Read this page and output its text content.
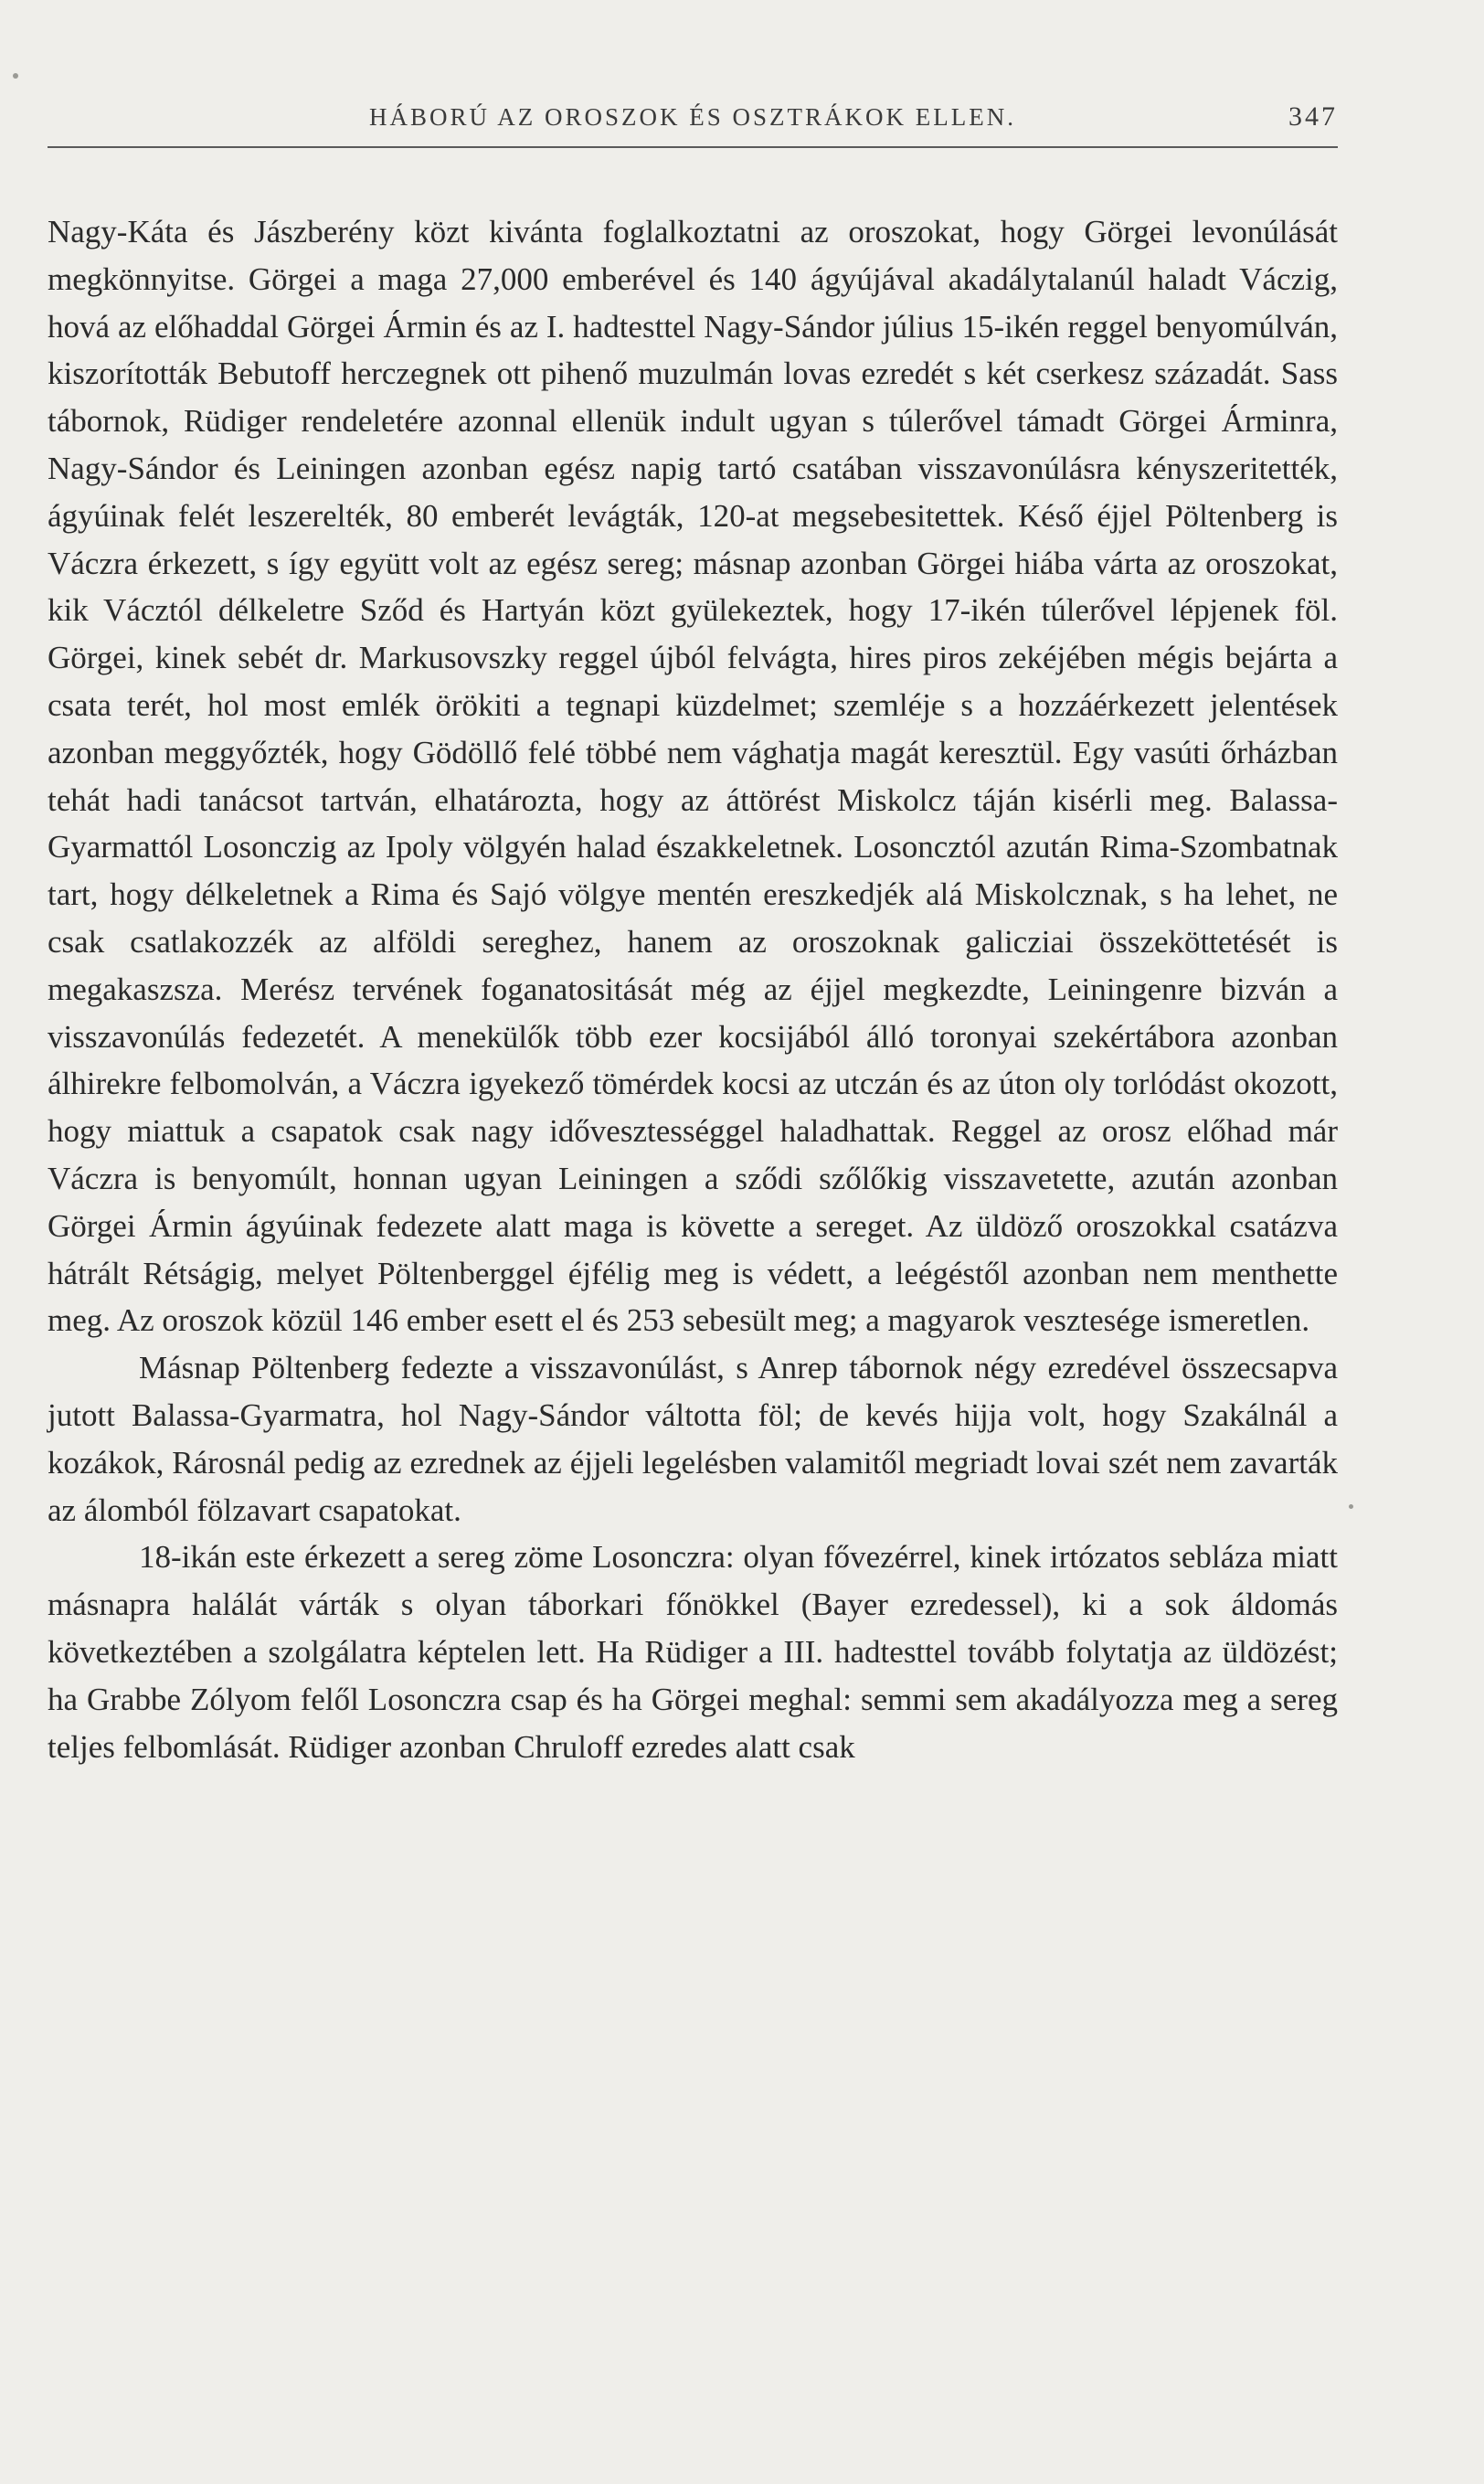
HÁBORÚ AZ OROSZOK ÉS OSZTRÁKOK ELLEN.	347

Nagy-Káta és Jászberény közt kivánta foglalkoztatni az oroszokat, hogy Görgei levonúlását megkönnyitse. Görgei a maga 27,000 emberével és 140 ágyújával akadálytalanúl haladt Váczig, hová az előhaddal Görgei Ármin és az I. hadtesttel Nagy-Sándor július 15-ikén reggel benyomúlván, kiszorították Bebutoff herczegnek ott pihenő muzulmán lovas ezredét s két cserkesz századát. Sass tábornok, Rüdiger rendeletére azonnal ellenük indult ugyan s túlerővel támadt Görgei Árminra, Nagy-Sándor és Leiningen azonban egész napig tartó csatában visszavonúlásra kényszeritették, ágyúinak felét leszerelték, 80 emberét levágták, 120-at megsebesitettek. Késő éjjel Pöltenberg is Váczra érkezett, s így együtt volt az egész sereg; másnap azonban Görgei hiába várta az oroszokat, kik Vácztól délkeletre Sződ és Hartyán közt gyülekeztek, hogy 17-ikén túlerővel lépjenek föl. Görgei, kinek sebét dr. Markusovszky reggel újból felvágta, hires piros zekéjében mégis bejárta a csata terét, hol most emlék örökiti a tegnapi küzdelmet; szemléje s a hozzáérkezett jelentések azonban meggyőzték, hogy Gödöllő felé többé nem vághatja magát keresztül. Egy vasúti őrházban tehát hadi tanácsot tartván, elhatározta, hogy az áttörést Miskolcz táján kisérli meg. Balassa-Gyarmattól Losonczig az Ipoly völgyén halad északkeletnek. Losoncztól azután Rima-Szombatnak tart, hogy délkeletnek a Rima és Sajó völgye mentén ereszkedjék alá Miskolcznak, s ha lehet, ne csak csatlakozzék az alföldi sereghez, hanem az oroszoknak galicziai összeköttetését is megakaszsza. Merész tervének foganatositását még az éjjel megkezdte, Leiningenre bizván a visszavonúlás fedezetét. A menekülők több ezer kocsijából álló toronyai szekértábora azonban álhirekre felbomolván, a Váczra igyekező tömérdek kocsi az utczán és az úton oly torlódást okozott, hogy miattuk a csapatok csak nagy idővesztességgel haladhattak. Reggel az orosz előhad már Váczra is benyomúlt, honnan ugyan Leiningen a sződi szőlőkig visszavetette, azután azonban Görgei Ármin ágyúinak fedezete alatt maga is követte a sereget. Az üldöző oroszokkal csatázva hátrált Rétságig, melyet Pöltenberggel éjfélig meg is védett, a leégéstől azonban nem menthette meg. Az oroszok közül 146 ember esett el és 253 sebesült meg; a magyarok vesztesége ismeretlen.

Másnap Pöltenberg fedezte a visszavonúlást, s Anrep tábornok négy ezredével összecsapva jutott Balassa-Gyarmatra, hol Nagy-Sándor váltotta föl; de kevés hijja volt, hogy Szakálnál a kozákok, Rárosnál pedig az ezrednek az éjjeli legelésben valamitől megriadt lovai szét nem zavarták az álomból fölzavart csapatokat.

18-ikán este érkezett a sereg zöme Losonczra: olyan fővezérrel, kinek irtózatos sebláza miatt másnapra halálát várták s olyan táborkari főnökkel (Bayer ezredessel), ki a sok áldomás következtében a szolgálatra képtelen lett. Ha Rüdiger a III. hadtesttel tovább folytatja az üldözést; ha Grabbe Zólyom felől Losonczra csap és ha Görgei meghal: semmi sem akadályozza meg a sereg teljes felbomlását. Rüdiger azonban Chruloff ezredes alatt csak
